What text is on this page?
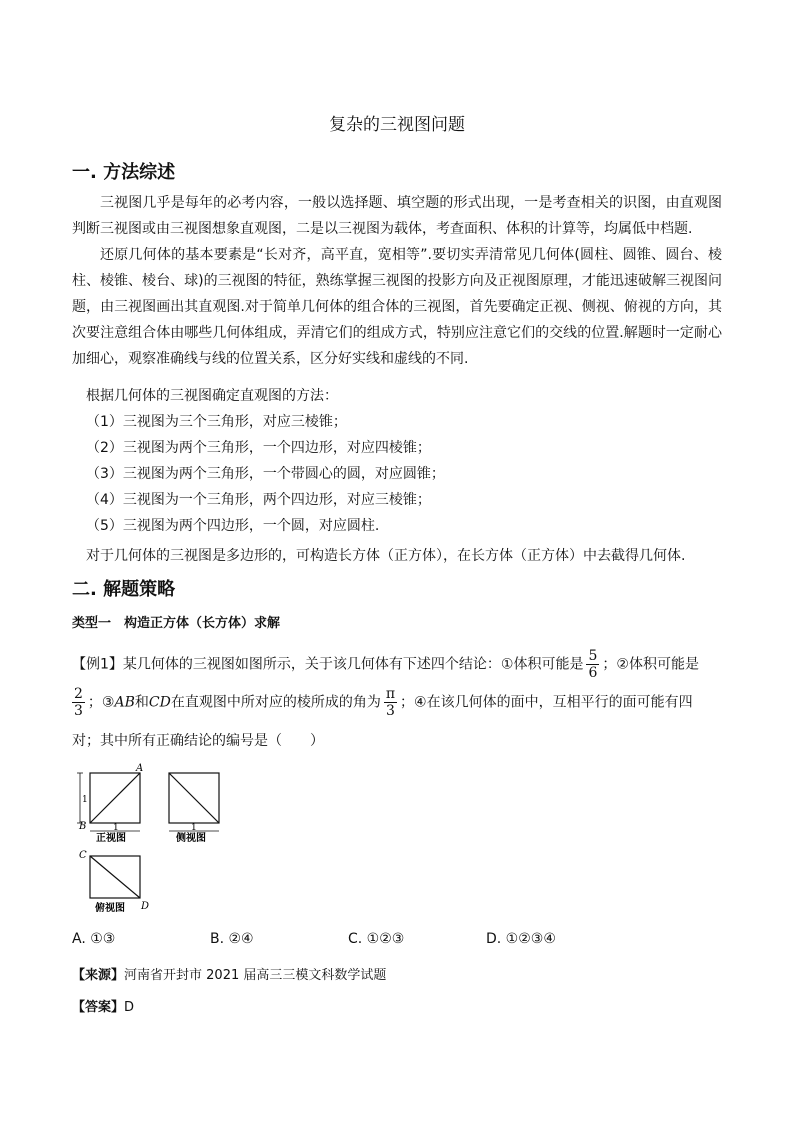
复杂的三视图问题
一. 方法综述
三视图几乎是每年的必考内容，一般以选择题、填空题的形式出现，一是考查相关的识图，由直观图判断三视图或由三视图想象直观图，二是以三视图为载体，考查面积、体积的计算等，均属低中档题.
还原几何体的基本要素是“长对齐，高平直，宽相等”.要切实弄清常见几何体(圆柱、圆锥、圆台、棱柱、棱锥、棱台、球)的三视图的特征，熟练掌握三视图的投影方向及正视图原理，才能迅速破解三视图问题，由三视图画出其直观图.对于简单几何体的组合体的三视图，首先要确定正视、侧视、俯视的方向，其次要注意组合体由哪些几何体组成，弄清它们的组成方式，特别应注意它们的交线的位置.解题时一定耐心加细心，观察准确线与线的位置关系，区分好实线和虚线的不同.
根据几何体的三视图确定直观图的方法：
（1）三视图为三个三角形，对应三棱锥；
（2）三视图为两个三角形，一个四边形，对应四棱锥；
（3）三视图为两个三角形，一个带圆心的圆，对应圆锥；
（4）三视图为一个三角形，两个四边形，对应三棱锥；
（5）三视图为两个四边形，一个圆，对应圆柱.
对于几何体的三视图是多边形的，可构造长方体（正方体），在长方体（正方体）中去截得几何体.
二. 解题策略
类型一　构造正方体（长方体）求解
【例1】某几何体的三视图如图所示，关于该几何体有下述四个结论：①体积可能是 $\frac{5}{6}$ ；②体积可能是
$\frac{2}{3}$ ；③AB和CD在直观图中所对应的棱所成的角为 $\frac{\pi}{3}$ ；④在该几何体的面中，互相平行的面可能有四
对；其中所有正确结论的编号是（　　）
1
1
A
B
正视图
1
侧视图
C
D
俯视图
A. ①③	B. ②④	C. ①②③	D. ①②③④
【来源】河南省开封市 2021 届高三三模文科数学试题
【答案】D
